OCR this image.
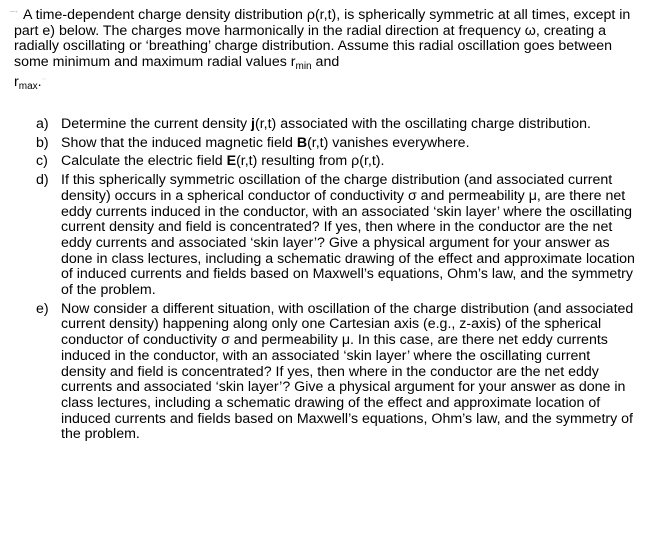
¯` A time-dependent charge density distribution ρ(r,t), is spherically symmetric at all times, except in part e) below. The charges move harmonically in the radial direction at frequency ω, creating a radially oscillating or ‘breathing’ charge distribution. Assume this radial oscillation goes between some minimum and maximum radial values $r_{min}$ and
$r_{max}.^{``}$

a) Determine the current density j(r,t) associated with the oscillating charge distribution.
b) Show that the induced magnetic field B(r,t) vanishes everywhere.
c) Calculate the electric field E(r,t) resulting from ρ(r,t).
d) If this spherically symmetric oscillation of the charge distribution (and associated current density) occurs in a spherical conductor of conductivity σ and permeability μ, are there net eddy currents induced in the conductor, with an associated ‘skin layer’ where the oscillating current density and field is concentrated? If yes, then where in the conductor are the net eddy currents and associated ‘skin layer’? Give a physical argument for your answer as done in class lectures, including a schematic drawing of the effect and approximate location of induced currents and fields based on Maxwell’s equations, Ohm’s law, and the symmetry of the problem.
e) Now consider a different situation, with oscillation of the charge distribution (and associated current density) happening along only one Cartesian axis (e.g., z-axis) of the spherical conductor of conductivity σ and permeability μ. In this case, are there net eddy currents induced in the conductor, with an associated ‘skin layer’ where the oscillating current density and field is concentrated? If yes, then where in the conductor are the net eddy currents and associated ‘skin layer’? Give a physical argument for your answer as done in class lectures, including a schematic drawing of the effect and approximate location of induced currents and fields based on Maxwell’s equations, Ohm’s law, and the symmetry of the problem.
